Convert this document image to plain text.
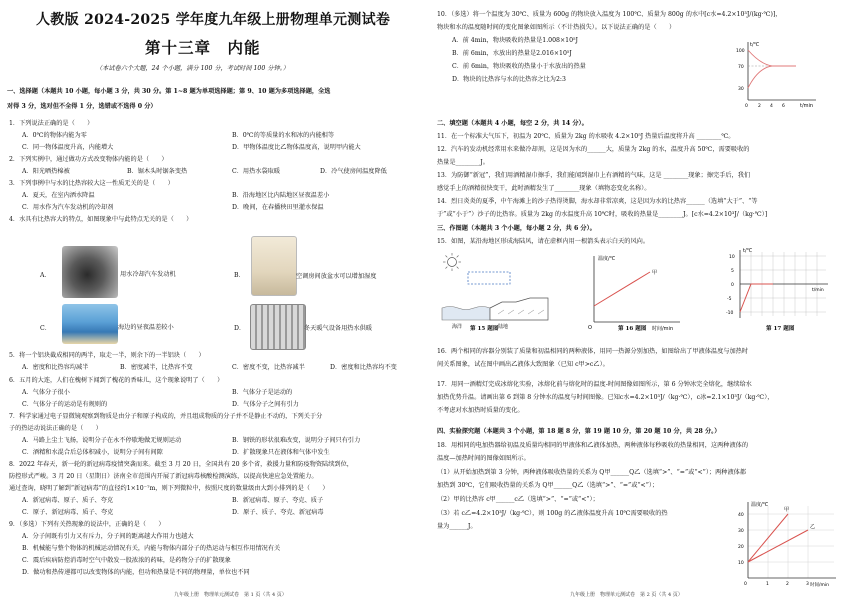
人教版 2024-2025 学年度九年级上册物理单元测试卷
第十三章　内能
（本试卷六个大题，24 个小题，满分 100 分，考试时间 100 分钟。）
一、选择题（本题共 10 小题，每小题 3 分，共 30 分。第 1~8 题为单项选择题；第 9、10 题为多项选择题，全选
对得 3 分，选对但不全得 1 分，选错或不选得 0 分）
1．下列说法正确的是（　　）
A．0℃的物体内能为零	B．0℃的等质量的水和冰的内能相等
C．同一物体温度升高，内能增大	D．甲物体温度比乙物体温度高，说明甲内能大
2．下列实例中，通过做功方式改变物体内能的是（　　）
A．阳光晒热棉被	B．锯木头时锯条变热	C．用热水袋取暖	D．冷气使房间温度降低
3．下列事例中与水的比热容较大这一性质无关的是（　　）
A．夏天，在室内洒水降温	B．沿海地区比内陆地区昼夜温差小
C．用水作为汽车发动机的冷却剂	D．晚间，在春播秧田里灌水保温
4．水具有比热容大的特点，如图现象中与此特点无关的是（　　）
A．	用水冷却汽车发动机	B．	空调房间放盆水可以增加湿度
C．	海边的昼夜温差较小	D．	冬天暖气设备用热水供暖
5．将一个铝块截成相同的两半，取走一半，则余下的一半铝块（　　）
A．密度和比热容均减半	B．密度减半，比热容不变	C．密度不变，比热容减半	D．密度和比热容均不变
6．五月的大连，人们在槐树下闻到了槐花的香味儿，这个现象说明了（　　）
A．气体分子很小	B．气体分子是运动的
C．气体分子的运动是有规则的	D．气体分子之间有引力
7．科学家通过电子显微镜观察到物质是由分子和原子构成的，并且组成物质的分子并不是静止不动的，下列关于分
子的热运动说法正确的是（　　）
A．马路上尘土飞扬，说明分子在永不停歇地做无规则运动	B．钢铁的形状很难改变，说明分子间只有引力
C．酒精和水混合后总体积减小，说明分子间有间隙	D．扩散现象只在液体和气体中发生
8．2022 年春天，新一轮的新冠病毒疫情突袭而来。截至 3 月 20 日，全国共有 20 多个省，救援力量和防疫物资陆续到位，
防控形式严峻。3 月 20 日（星期日）济南全市范围内开展了新冠病毒核酸检测演练，以提高快速应急处置能力。
通过查询，晓明了解到“新冠病毒”的直径约1×10⁻⁷m，则下列微粒中，按照尺度的数量级由大到小排列的是（　　）
A．新冠病毒、原子、质子、夸克	B．新冠病毒、原子、夸克、质子
C．原子、新冠病毒、质子、夸克	D．原子、质子、夸克、新冠病毒
9．（多选）下列有关热现象的说法中，正确的是（　　）
A．分子间既有引力又有斥力，分子间的距离越大作用力也越大
B．机械能与整个物体的机械运动情况有关，内能与物体内部分子的热运动与相互作用情况有关
C．震后疾病防控消毒时空气中散发一股浓浓的药味，是药物分子的扩散现象
D．做功和热传递都可以改变物体的内能，但功和热量是不同的物理量，单位也不同
九年级上册　物理单元测试卷　第 1 页（共 4 页）
10．（多选）将一个温度为 30℃、质量为 600g 的物块放入温度为 100℃、质量为 800g 的水中[c水=4.2×10³J/(kg·℃)]，
物块和水的温度随时间的变化图象如图所示（不计热损失）。以下说法正确的是（　　）
A．前 4min，物块吸收的热量是1.008×10⁵J
B．前 6min，水放出的热量是2.016×10⁵J
C．前 6min，物块吸收的热量小于水放出的热量
D．物块的比热容与水的比热容之比为2:3
t/℃
t/min
100
70
30
0 2 4 6
二、填空题（本题共 4 小题，每空 2 分，共 14 分）。
11．在一个标准大气压下，初温为 20℃、质量为 2kg 的水吸收 4.2×10⁵J 热量后温度将升高 ________℃。
12．汽车的发动机经常用水来做冷却剂，这是因为水的______大，质量为 2kg 的水，温度升高 50℃，需要吸收的
热量是________J。
13．为防御“新冠”，我们用酒精湿巾擦手，我们能闻到湿巾上有酒精的气味，这是 ________现象；擦完手后，我们
感觉手上的酒精很快变干，此时酒精发生了________现象（填物态变化名称）。
14．烈日炎炎的夏季，中午海滩上的沙子热得烫脚，海水却非常凉爽，这是因为水的比热容______（选填“大于”、“等
于”或“小于”）沙子的比热容。质量为 2kg 的水温度升高 10℃时，吸收的热量是________J。[c水=4.2×10³J/（kg·℃）]
三、作图题（本题共 3 个小题，每小题 2 分，共 6 分）。
15．如图，某沿海地区形成海陆风，请在虚框内用一根箭头表示白天的风向。
海洋	陆地
第 15 题图
温度/℃
时间/min
甲
O	第 16 题图
t/℃
t/min
10
5
0
-5
-10
第 17 题图
16．两个相同的容器分别装了质量和初温相同的两种液体，用同一热源分别加热，如图给出了甲液体温度与加热时
间关系图象，试在图中画出乙液体大致图象（已知 c甲>c乙）。
17．用同一酒精灯完成冰熔化实验，冰熔化前与熔化时的温度-时间图像如图所示，第 6 分钟冰完全熔化，继续给水
加热优势升温。请画出第 6 到第 8 分钟水的温度与时间图像。已知c水=4.2×10³J/（kg·℃），c冰=2.1×10³J/（kg·℃），
不考虑对水加热时质量的变化。
四、实验探究题（本题共 3 个小题，第 18 题 8 分，第 19 题 10 分，第 20 题 10 分，共 28 分。）
18．用相同的电加热器给初温及质量均相同的甲液体和乙液体加热，两种液体每秒吸收的热量相同，这两种液体的
温度—加热时间的图像如图所示。
（1）从开始加热到第 3 分钟，两种液体吸收热量的关系为 Q甲______Q乙（选填“>”、“=”或“<”）；两种液体都
加热到 30℃，它们吸收热量的关系为 Q甲______Q乙（选填“>”、“=”或“<”）；
（2）甲的比热容 c甲______c乙（选填“>”、“=”或“<”）；
（3）若 c乙=4.2×10³J/（kg·℃），则 100g 的乙液体温度升高 10℃需要吸收的热
量为______J。
温度/℃
时间/min
甲
乙
40
30
20
10
0	1	2	3
九年级上册　物理单元测试卷　第 2 页（共 4 页）
